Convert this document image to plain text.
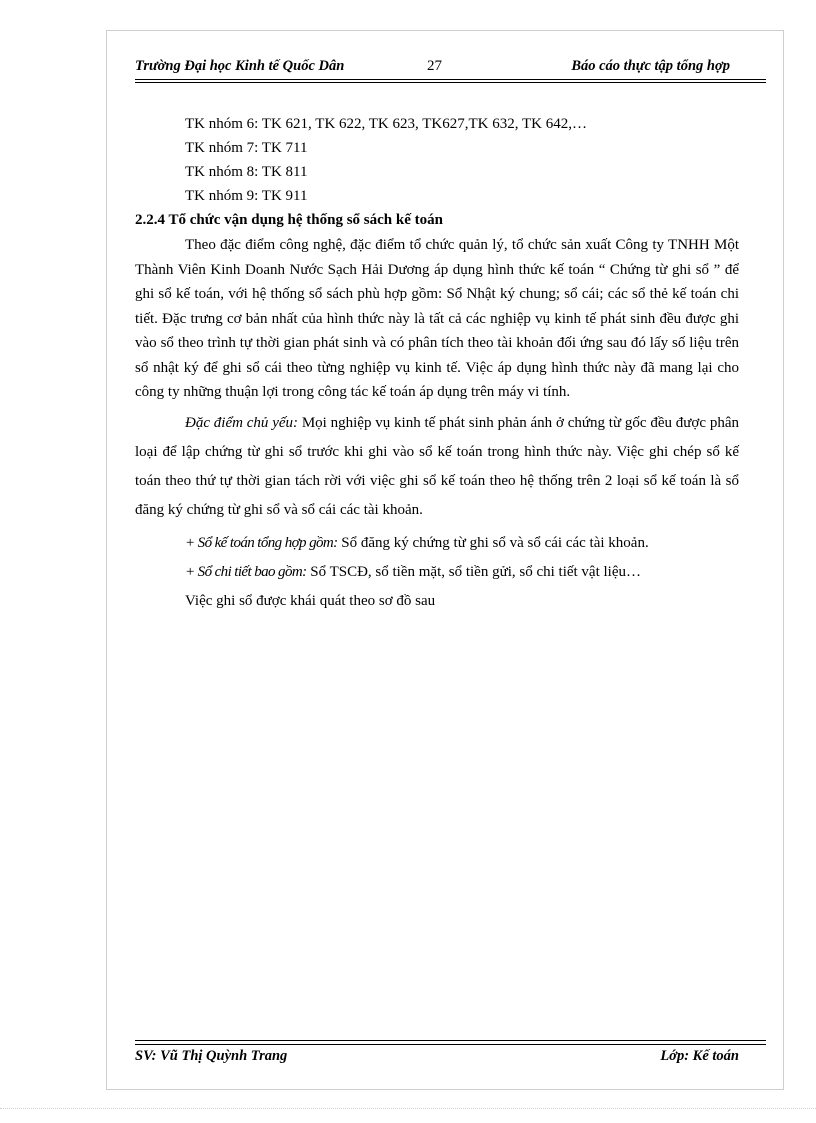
Trường Đại học Kinh tế Quốc Dân	27	Báo cáo thực tập tổng hợp
TK nhóm 6: TK 621, TK 622, TK 623, TK627,TK 632, TK 642,…
TK nhóm 7: TK 711
TK nhóm 8: TK 811
TK nhóm 9: TK 911
2.2.4 Tổ chức vận dụng hệ thống sổ sách kế toán

Theo đặc điểm công nghệ, đặc điểm tổ chức quản lý, tổ chức sản xuất Công ty TNHH Một Thành Viên Kinh Doanh Nước Sạch Hải Dương áp dụng hình thức kế toán “ Chứng từ ghi sổ ” để ghi sổ kế toán, với hệ thống sổ sách phù hợp gồm: Sổ Nhật ký chung; sổ cái; các sổ thẻ kế toán chi tiết. Đặc trưng cơ bản nhất của hình thức này là tất cả các nghiệp vụ kinh tế phát sinh đều được ghi vào sổ theo trình tự thời gian phát sinh và có phân tích theo tài khoản đối ứng sau đó lấy số liệu trên sổ nhật ký để ghi sổ cái theo từng nghiệp vụ kinh tế. Việc áp dụng hình thức này đã mang lại cho công ty những thuận lợi trong công tác kế toán áp dụng trên máy vi tính.

Đặc điểm chủ yếu: Mọi nghiệp vụ kinh tế phát sinh phản ánh ở chứng từ gốc đều được phân loại để lập chứng từ ghi sổ trước khi ghi vào sổ kế toán trong hình thức này. Việc ghi chép sổ kế toán theo thứ tự thời gian tách rời với việc ghi sổ kế toán theo hệ thống trên 2 loại sổ kế toán là sổ đăng ký chứng từ ghi sổ và sổ cái các tài khoản.

+ Sổ kế toán tổng hợp gồm: Sổ đăng ký chứng từ ghi sổ và sổ cái các tài khoản.
+ Sổ chi tiết bao gồm: Sổ TSCĐ, sổ tiền mặt, sổ tiền gửi, sổ chi tiết vật liệu…
Việc ghi sổ được khái quát theo sơ đồ sau
SV: Vũ Thị Quỳnh Trang	Lớp: Kế toán
